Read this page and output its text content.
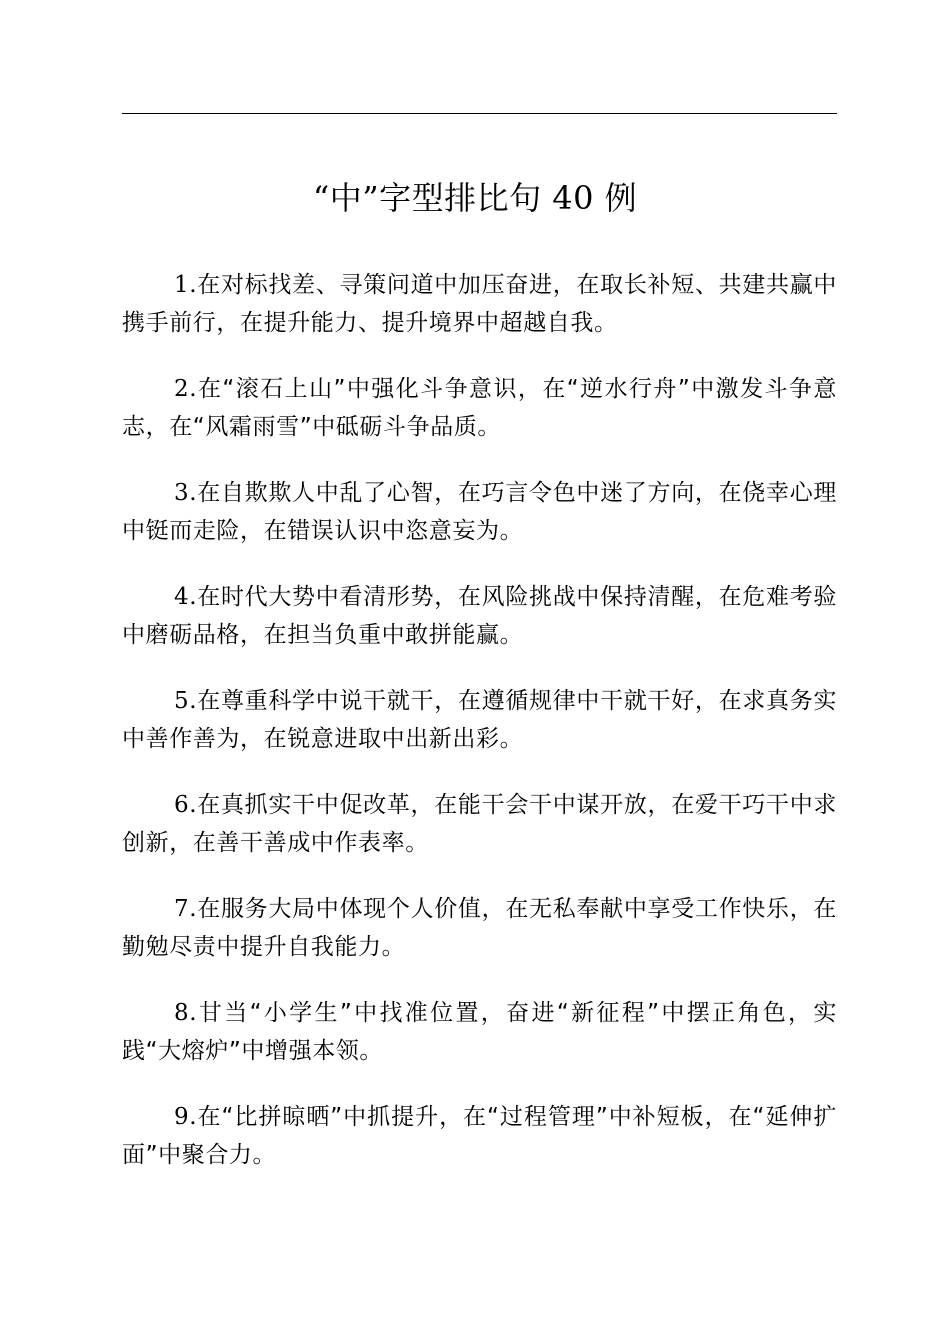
“中”字型排比句 40 例

1.在对标找差、寻策问道中加压奋进，在取长补短、共建共赢中携手前行，在提升能力、提升境界中超越自我。

2.在“滚石上山”中强化斗争意识，在“逆水行舟”中激发斗争意志，在“风霜雨雪”中砥砺斗争品质。

3.在自欺欺人中乱了心智，在巧言令色中迷了方向，在侥幸心理中铤而走险，在错误认识中恣意妄为。

4.在时代大势中看清形势，在风险挑战中保持清醒，在危难考验中磨砺品格，在担当负重中敢拼能赢。

5.在尊重科学中说干就干，在遵循规律中干就干好，在求真务实中善作善为，在锐意进取中出新出彩。

6.在真抓实干中促改革，在能干会干中谋开放，在爱干巧干中求创新，在善干善成中作表率。

7.在服务大局中体现个人价值，在无私奉献中享受工作快乐，在勤勉尽责中提升自我能力。

8.甘当“小学生”中找准位置，奋进“新征程”中摆正角色，实践“大熔炉”中增强本领。

9.在“比拼晾晒”中抓提升，在“过程管理”中补短板，在“延伸扩面”中聚合力。
